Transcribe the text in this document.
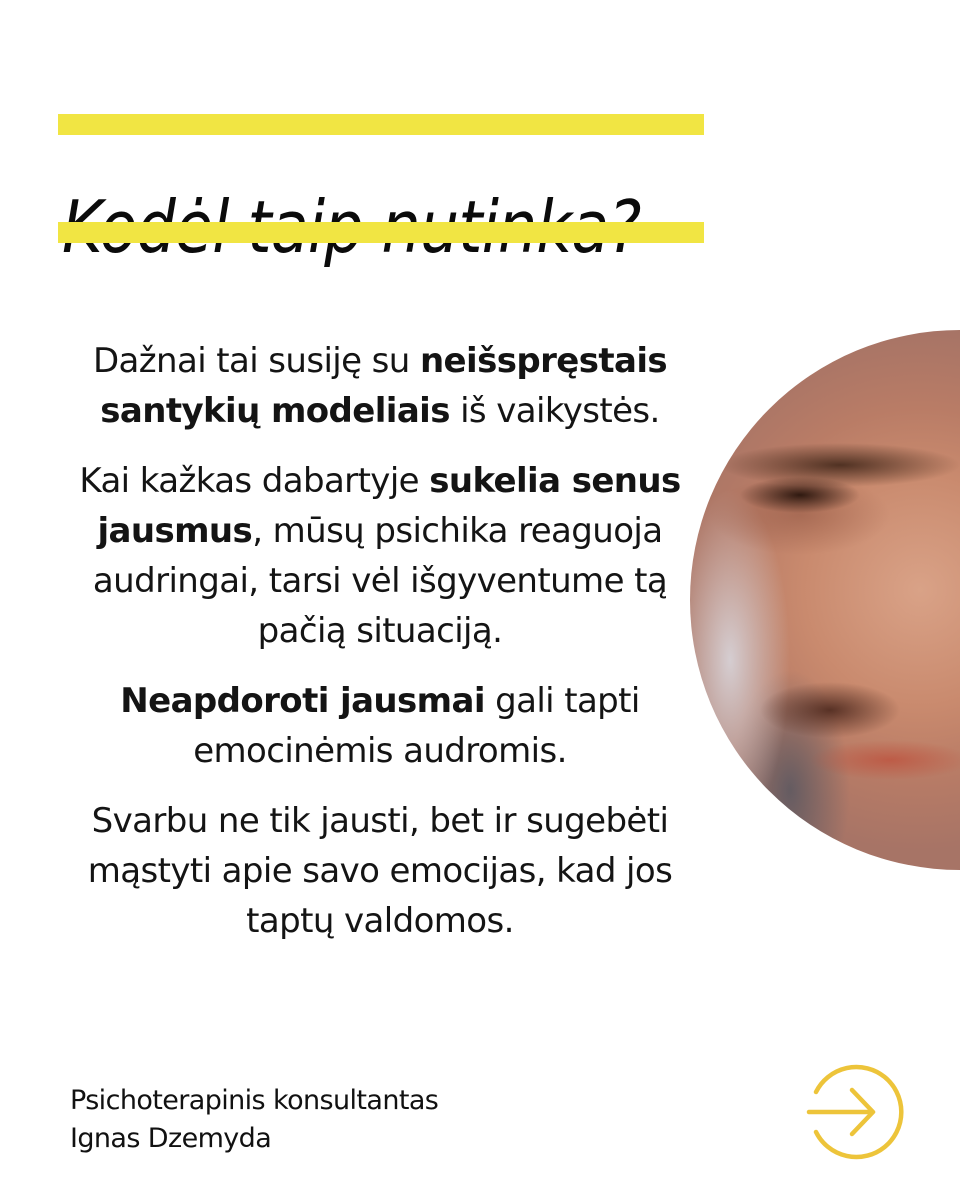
Dažnai tai susiję su neišspręstais santykių modeliais iš vaikystės.

Kai kažkas dabartyje sukelia senus jausmus, mūsų psichika reaguoja audringai, tarsi vėl išgyventume tą pačią situaciją.

Neapdoroti jausmai gali tapti emocinėmis audromis.

Svarbu ne tik jausti, bet ir sugebėti mąstyti apie savo emocijas, kad jos taptų valdomos.

Psichoterapinis konsultantas
Ignas Dzemyda
